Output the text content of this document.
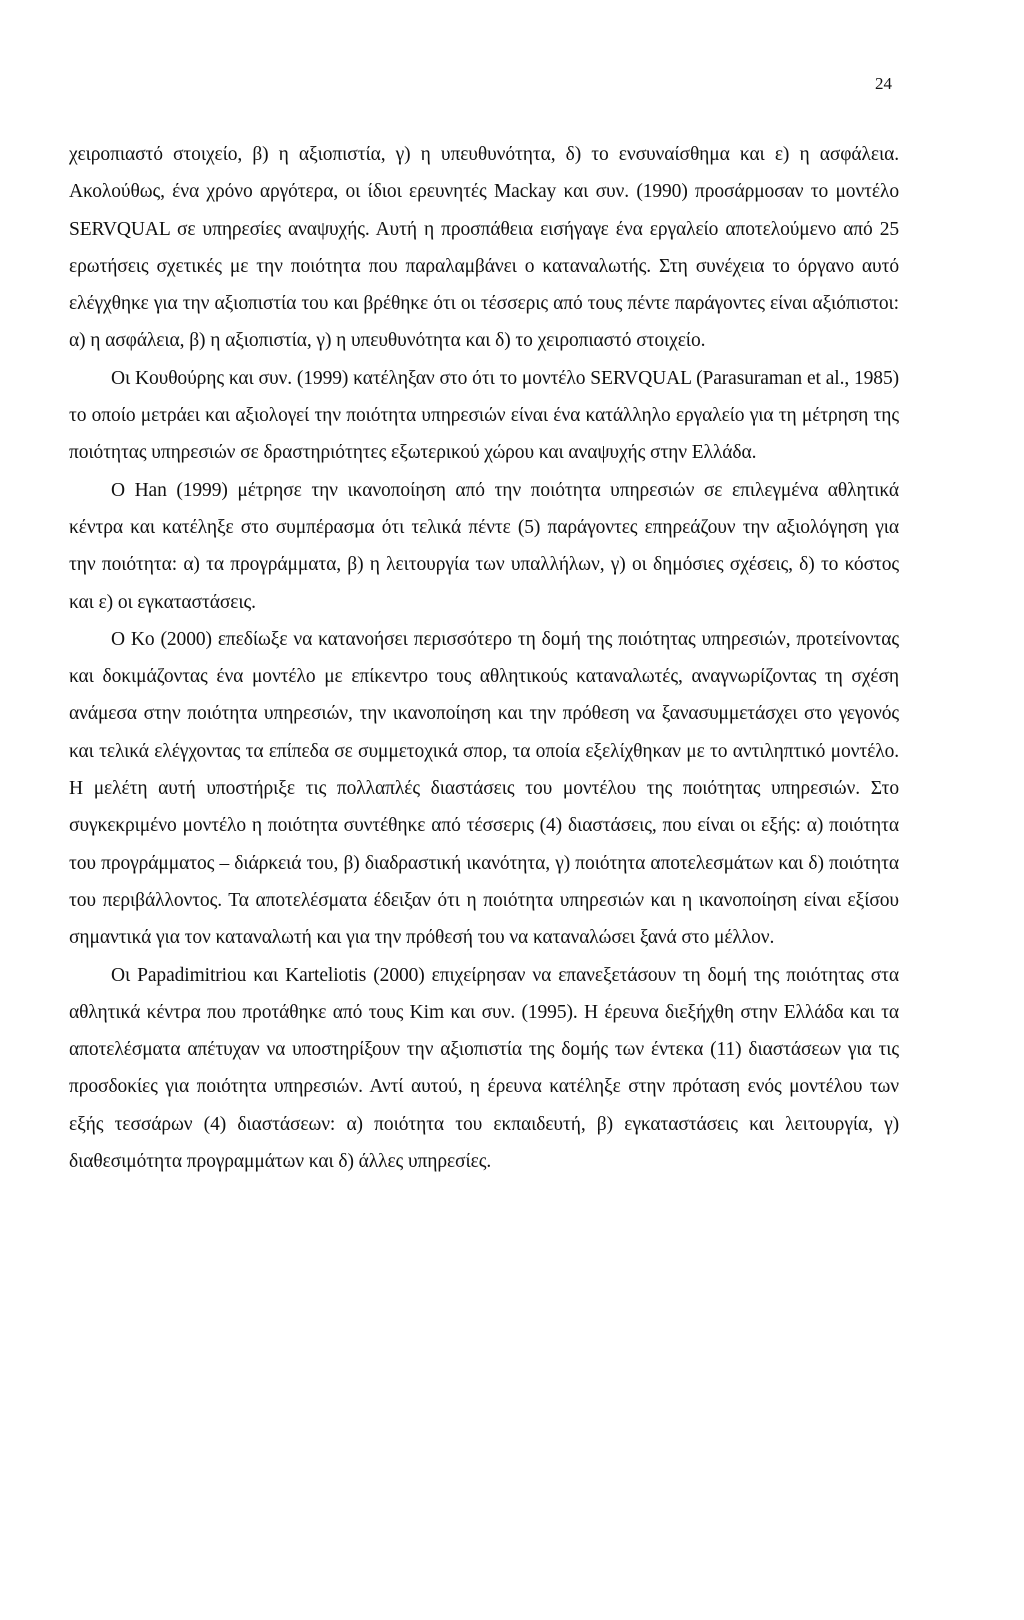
24

χειροπιαστό στοιχείο, β) η αξιοπιστία, γ) η υπευθυνότητα, δ) το ενσυναίσθημα και ε) η ασφάλεια. Ακολούθως, ένα χρόνο αργότερα, οι ίδιοι ερευνητές Mackay και συν. (1990) προσάρμοσαν το μοντέλο SERVQUAL σε υπηρεσίες αναψυχής. Αυτή η προσπάθεια εισήγαγε ένα εργαλείο αποτελούμενο από 25 ερωτήσεις σχετικές με την ποιότητα που παραλαμβάνει ο καταναλωτής. Στη συνέχεια το όργανο αυτό ελέγχθηκε για την αξιοπιστία του και βρέθηκε ότι οι τέσσερις από τους πέντε παράγοντες είναι αξιόπιστοι: α) η ασφάλεια, β) η αξιοπιστία, γ) η υπευθυνότητα και δ) το χειροπιαστό στοιχείο.

Οι Κουθούρης και συν. (1999) κατέληξαν στο ότι το μοντέλο SERVQUAL (Parasuraman et al., 1985) το οποίο μετράει και αξιολογεί την ποιότητα υπηρεσιών είναι ένα κατάλληλο εργαλείο για τη μέτρηση της ποιότητας υπηρεσιών σε δραστηριότητες εξωτερικού χώρου και αναψυχής στην Ελλάδα.

Ο Han (1999) μέτρησε την ικανοποίηση από την ποιότητα υπηρεσιών σε επιλεγμένα αθλητικά κέντρα και κατέληξε στο συμπέρασμα ότι τελικά πέντε (5) παράγοντες επηρεάζουν την αξιολόγηση για την ποιότητα: α) τα προγράμματα, β) η λειτουργία των υπαλλήλων, γ) οι δημόσιες σχέσεις, δ) το κόστος και ε) οι εγκαταστάσεις.

Ο Ko (2000) επεδίωξε να κατανοήσει περισσότερο τη δομή της ποιότητας υπηρεσιών, προτείνοντας και δοκιμάζοντας ένα μοντέλο με επίκεντρο τους αθλητικούς καταναλωτές, αναγνωρίζοντας τη σχέση ανάμεσα στην ποιότητα υπηρεσιών, την ικανοποίηση και την πρόθεση να ξανασυμμετάσχει στο γεγονός και τελικά ελέγχοντας τα επίπεδα σε συμμετοχικά σπορ, τα οποία εξελίχθηκαν με το αντιληπτικό μοντέλο. Η μελέτη αυτή υποστήριξε τις πολλαπλές διαστάσεις του μοντέλου της ποιότητας υπηρεσιών. Στο συγκεκριμένο μοντέλο η ποιότητα συντέθηκε από τέσσερις (4) διαστάσεις, που είναι οι εξής: α) ποιότητα του προγράμματος – διάρκειά του, β) διαδραστική ικανότητα, γ) ποιότητα αποτελεσμάτων και δ) ποιότητα του περιβάλλοντος. Τα αποτελέσματα έδειξαν ότι η ποιότητα υπηρεσιών και η ικανοποίηση είναι εξίσου σημαντικά για τον καταναλωτή και για την πρόθεσή του να καταναλώσει ξανά στο μέλλον.

Οι Papadimitriou και Karteliotis (2000) επιχείρησαν να επανεξετάσουν τη δομή της ποιότητας στα αθλητικά κέντρα που προτάθηκε από τους Kim και συν. (1995). Η έρευνα διεξήχθη στην Ελλάδα και τα αποτελέσματα απέτυχαν να υποστηρίξουν την αξιοπιστία της δομής των έντεκα (11) διαστάσεων για τις προσδοκίες για ποιότητα υπηρεσιών. Αντί αυτού, η έρευνα κατέληξε στην πρόταση ενός μοντέλου των εξής τεσσάρων (4) διαστάσεων: α) ποιότητα του εκπαιδευτή, β) εγκαταστάσεις και λειτουργία, γ) διαθεσιμότητα προγραμμάτων και δ) άλλες υπηρεσίες.
